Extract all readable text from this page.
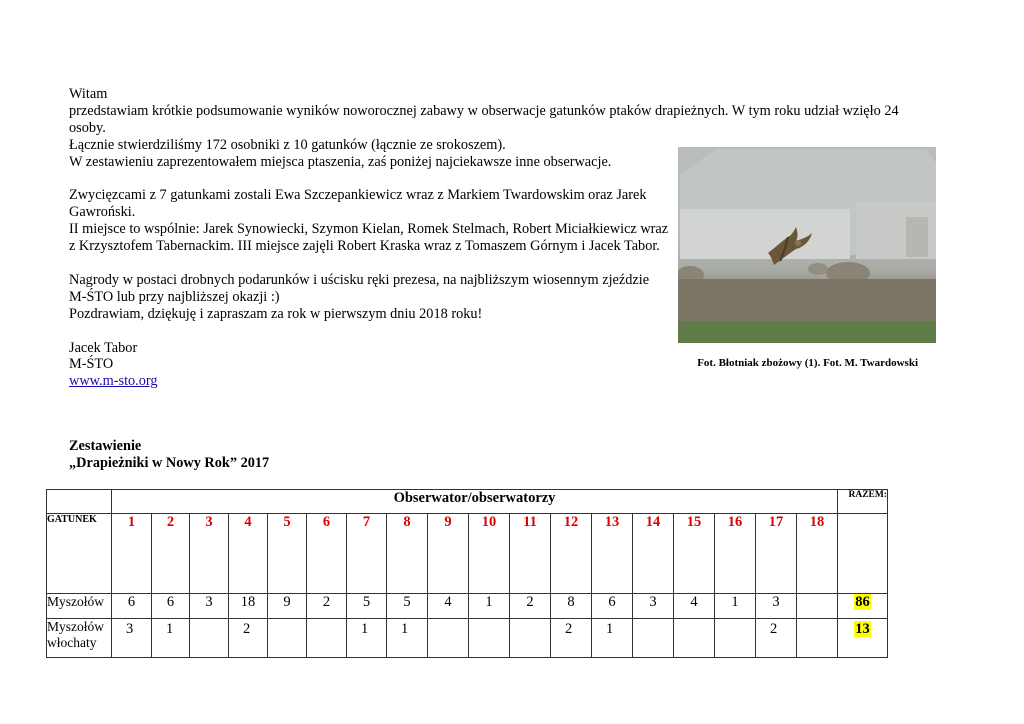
Witam

przedstawiam krótkie podsumowanie wyników noworocznej zabawy w obserwacje gatunków ptaków drapieżnych. W tym roku udział wzięło 24

osoby.

Łącznie stwierdziliśmy 172 osobniki z 10 gatunków (łącznie ze srokoszem).

W zestawieniu zaprezentowałem miejsca ptaszenia, zaś poniżej najciekawsze inne obserwacje.

Zwycięzcami z 7 gatunkami zostali Ewa Szczepankiewicz wraz z Markiem Twardowskim oraz Jarek Gawroński.

II miejsce to wspólnie: Jarek Synowiecki, Szymon Kielan, Romek Stelmach, Robert Miciałkiewicz wraz z Krzysztofem Tabernackim. III miejsce zajęli Robert Kraska wraz z Tomaszem Górnym i Jacek Tabor.

Nagrody w postaci drobnych podarunków i uścisku ręki prezesa, na najbliższym wiosennym zjeździe M-ŚTO lub przy najbliższej okazji :)

Pozdrawiam, dziękuję i zapraszam za rok w pierwszym dniu 2018 roku!

Jacek Tabor

M-ŚTO

www.m-sto.org

Fot. Błotniak zbożowy (1). Fot. M. Twardowski
Zestawienie
„Drapieżniki w Nowy Rok” 2017
	Obserwator/obserwatorzy																		RAZEM:
GATUNEK	1	2	3	4	5	6	7	8	9	10	11	12	13	14	15	16	17	18	
Myszołów	6	6	3	18	9	2	5	5	4	1	2	8	6	3	4	1	3		86
Myszołów włochaty	3	1		2			1	1				2	1				2		13
